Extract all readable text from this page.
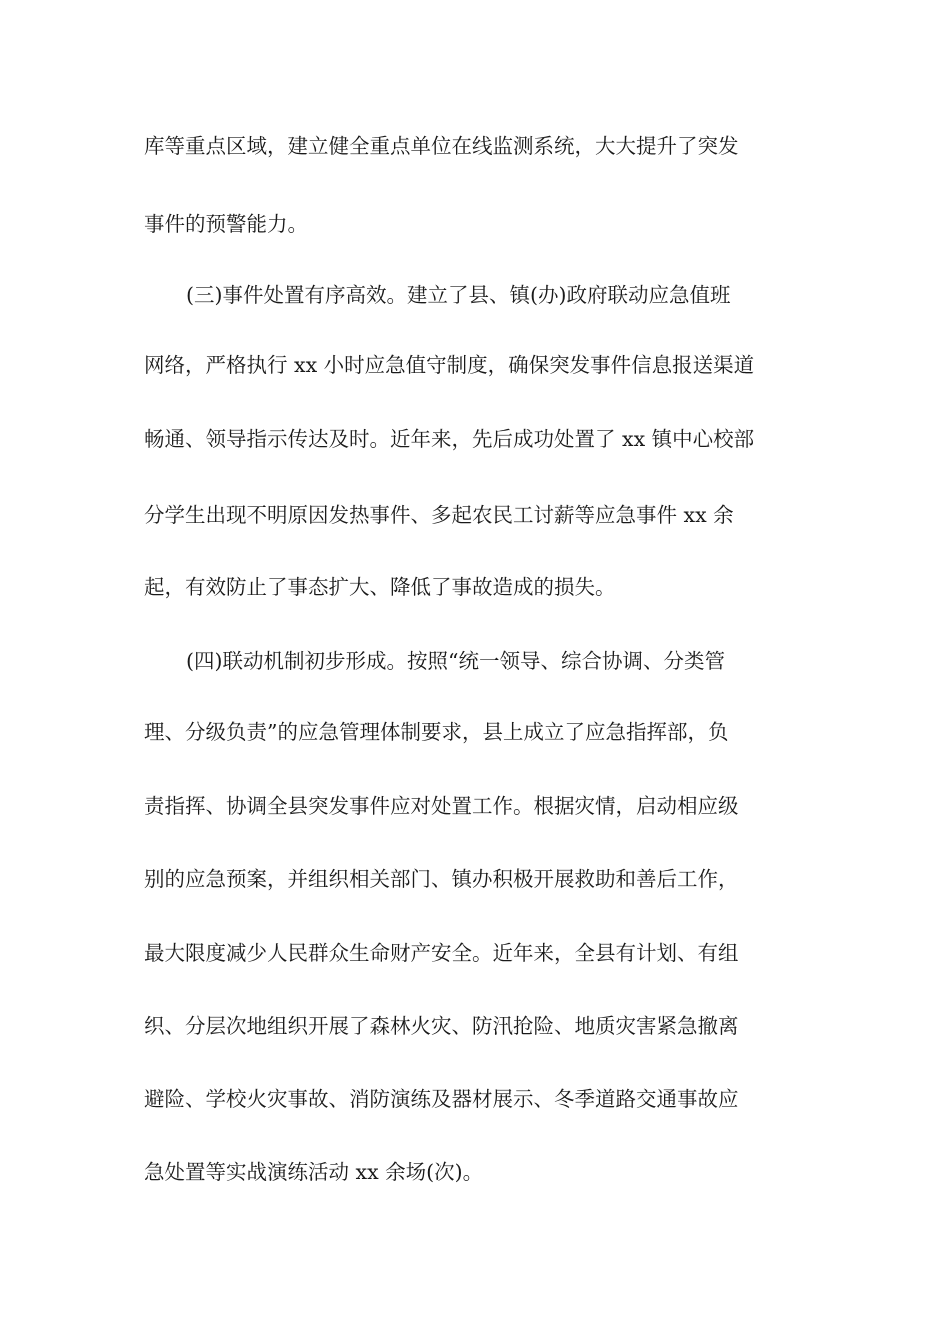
库等重点区域，建立健全重点单位在线监测系统，大大提升了突发
事件的预警能力。
(三)事件处置有序高效。建立了县、镇(办)政府联动应急值班
网络，严格执行 xx 小时应急值守制度，确保突发事件信息报送渠道
畅通、领导指示传达及时。近年来，先后成功处置了 xx 镇中心校部
分学生出现不明原因发热事件、多起农民工讨薪等应急事件 xx 余
起，有效防止了事态扩大、降低了事故造成的损失。
(四)联动机制初步形成。按照“统一领导、综合协调、分类管
理、分级负责”的应急管理体制要求，县上成立了应急指挥部，负
责指挥、协调全县突发事件应对处置工作。根据灾情，启动相应级
别的应急预案，并组织相关部门、镇办积极开展救助和善后工作，
最大限度减少人民群众生命财产安全。近年来，全县有计划、有组
织、分层次地组织开展了森林火灾、防汛抢险、地质灾害紧急撤离
避险、学校火灾事故、消防演练及器材展示、冬季道路交通事故应
急处置等实战演练活动 xx 余场(次)。
